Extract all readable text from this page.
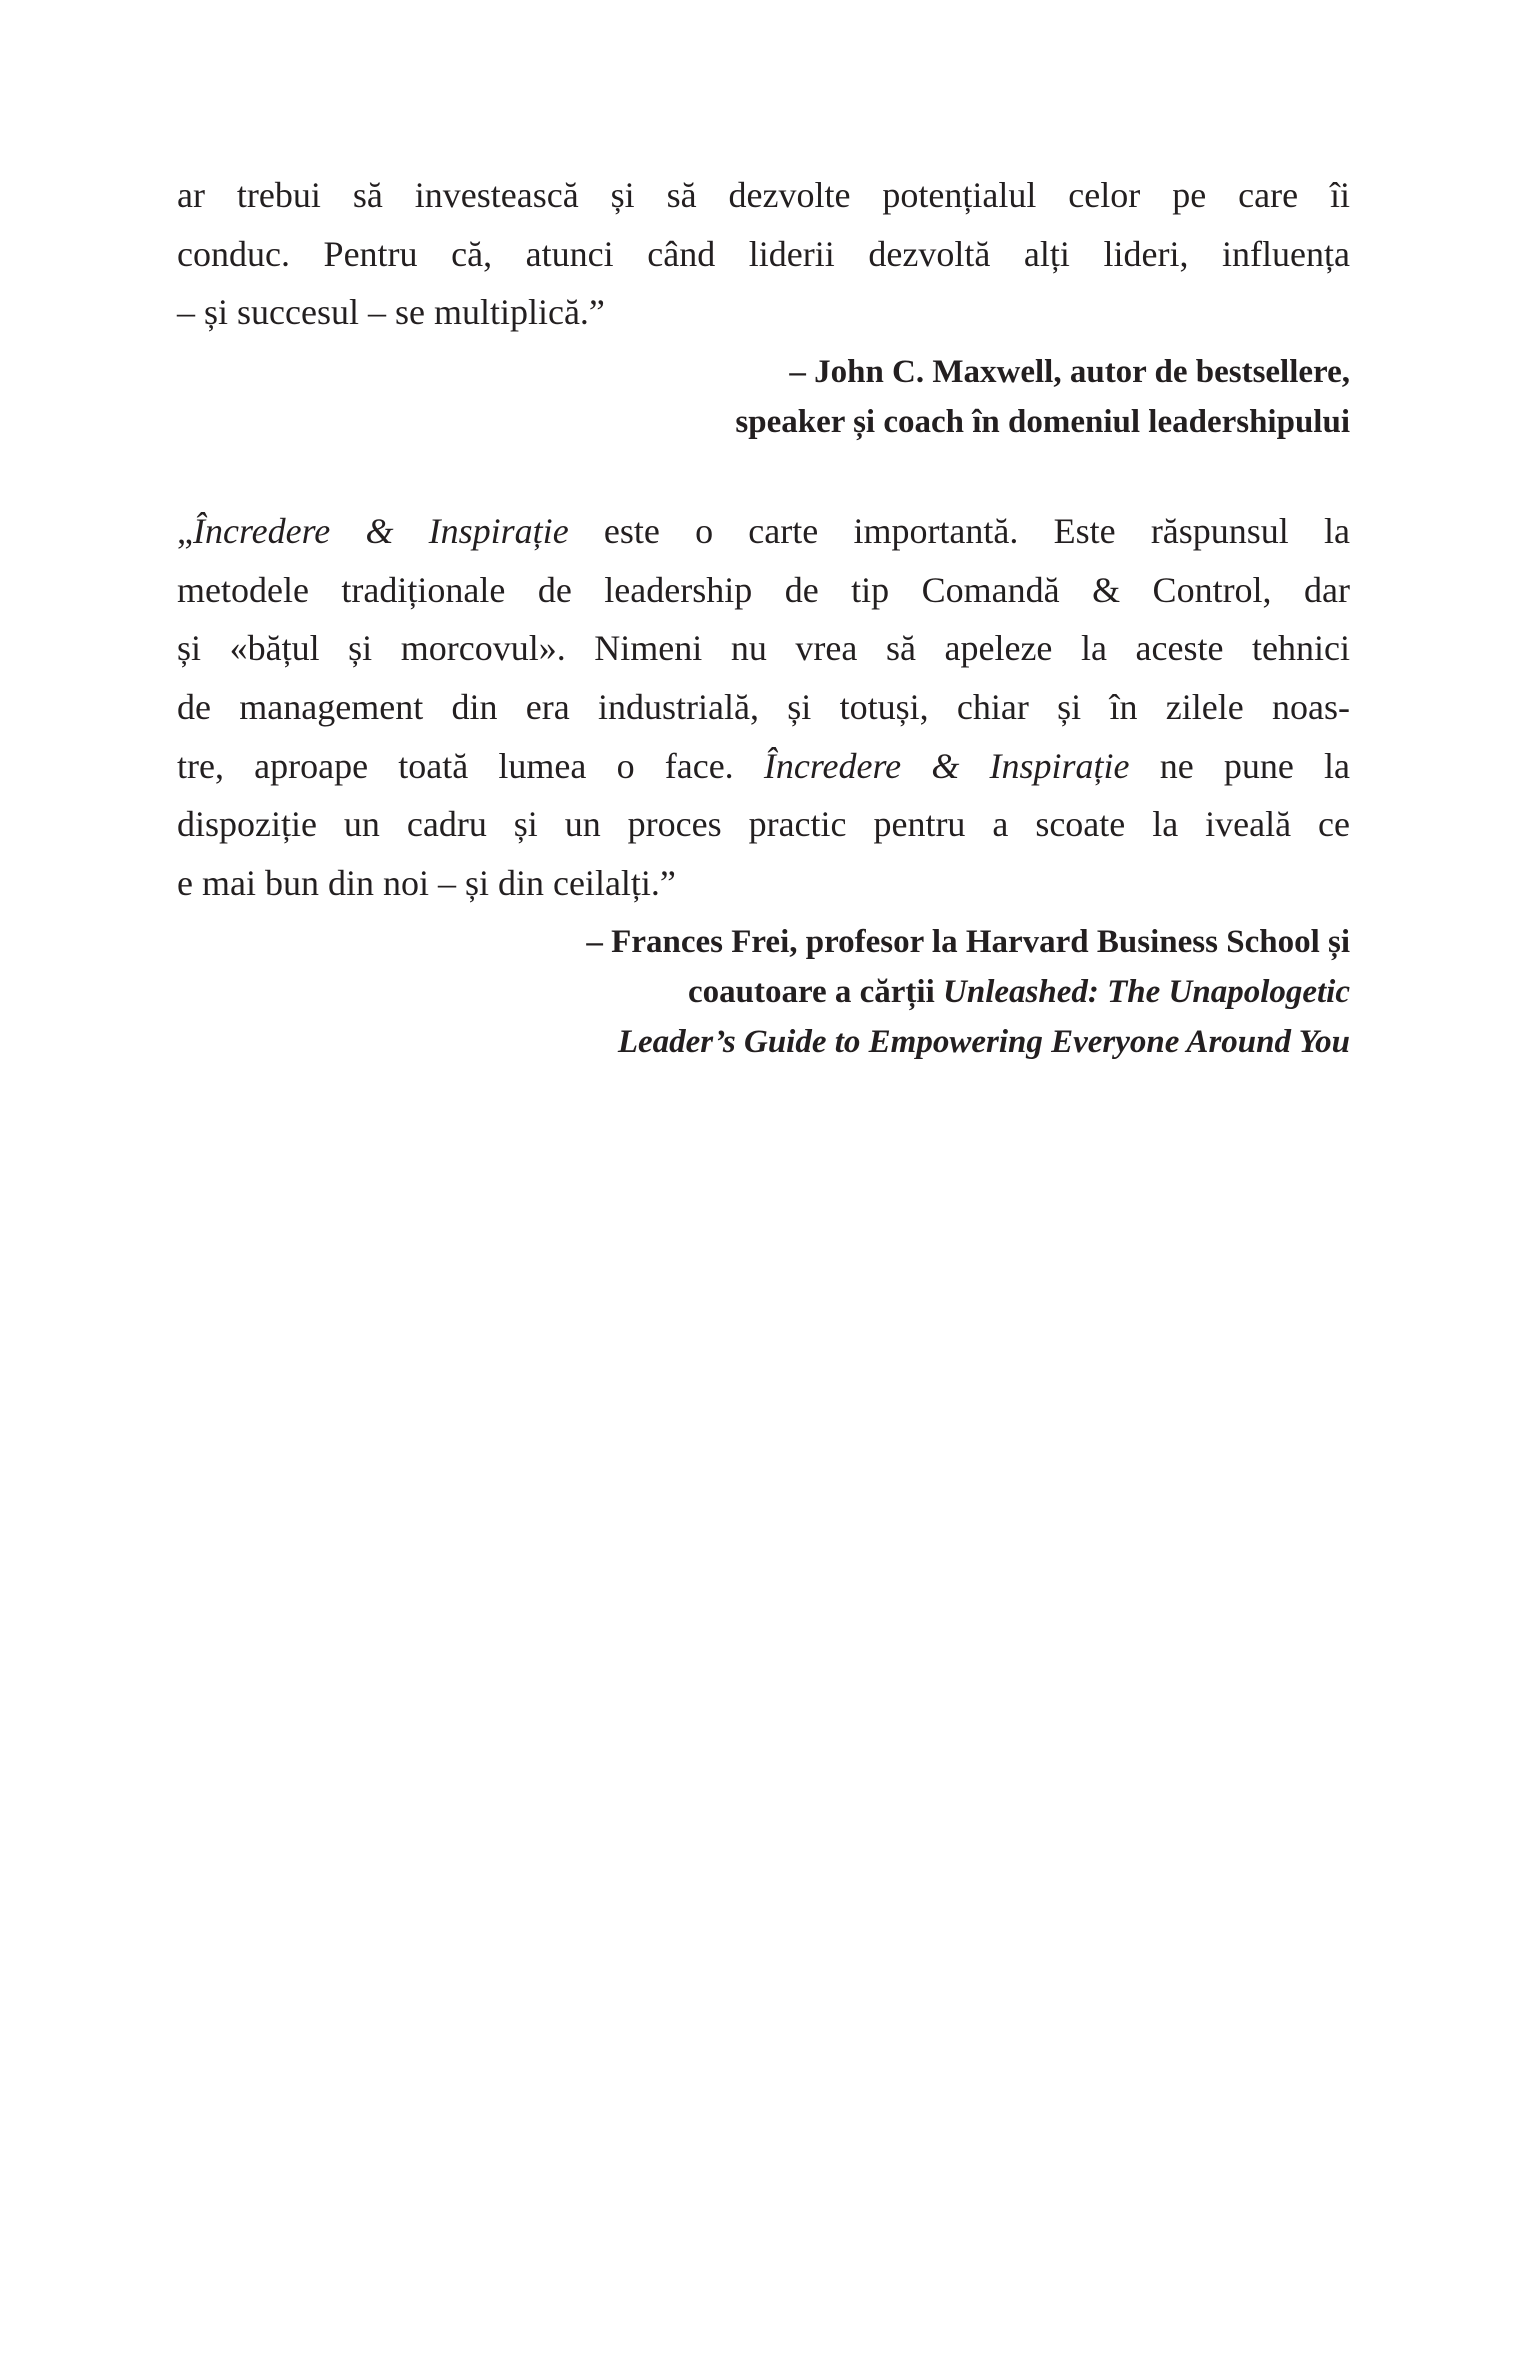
ar trebui să investească și să dezvolte potențialul celor pe care îi
conduc. Pentru că, atunci când liderii dezvoltă alți lideri, influența
– și succesul – se multiplică.”
– John C. Maxwell, autor de bestsellere,
speaker și coach în domeniul leadershipului
„Încredere & Inspirație este o carte importantă. Este răspunsul la
metodele tradiționale de leadership de tip Comandă & Control, dar
și «bățul și morcovul». Nimeni nu vrea să apeleze la aceste tehnici
de management din era industrială, și totuși, chiar și în zilele noas-
tre, aproape toată lumea o face. Încredere & Inspirație ne pune la
dispoziție un cadru și un proces practic pentru a scoate la iveală ce
e mai bun din noi – și din ceilalți.”
– Frances Frei, profesor la Harvard Business School și
coautoare a cărții Unleashed: The Unapologetic
Leader’s Guide to Empowering Everyone Around You
